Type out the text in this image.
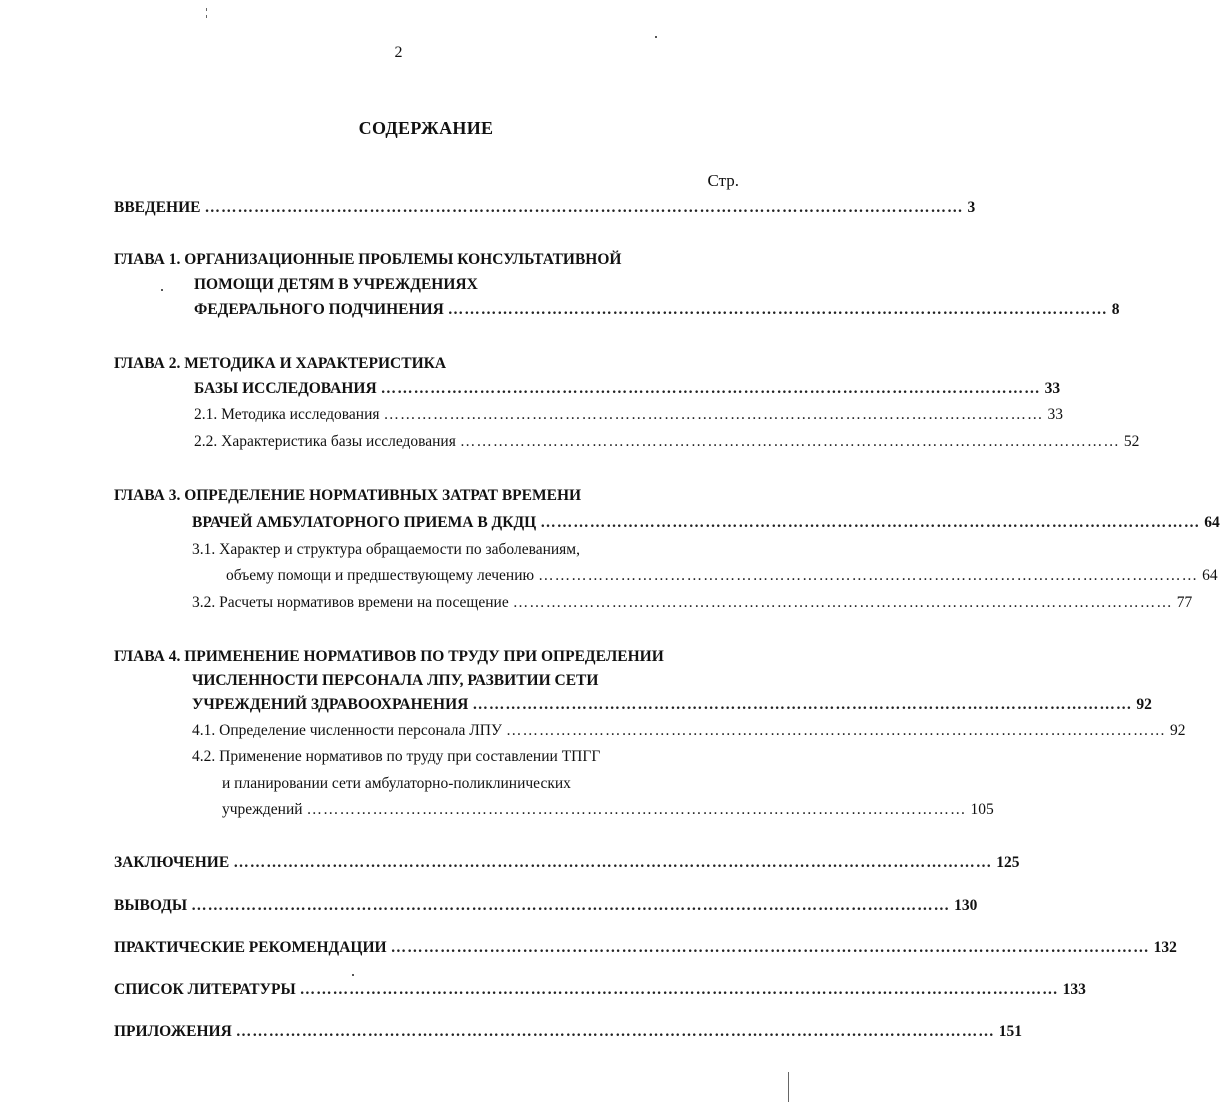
2
СОДЕРЖАНИЕ
Стр.
ВВЕДЕНИЕ ………………………………………………………………………………………………………………………… 3
ГЛАВА 1. ОРГАНИЗАЦИОННЫЕ ПРОБЛЕМЫ КОНСУЛЬТАТИВНОЙ
ПОМОЩИ ДЕТЯМ В УЧРЕЖДЕНИЯХ
ФЕДЕРАЛЬНОГО ПОДЧИНЕНИЯ ………………………………………………………………………………………………………… 8
ГЛАВА 2. МЕТОДИКА И ХАРАКТЕРИСТИКА
БАЗЫ ИССЛЕДОВАНИЯ ………………………………………………………………………………………………………… 33
2.1. Методика исследования ………………………………………………………………………………………………………… 33
2.2. Характеристика базы исследования ………………………………………………………………………………………………………… 52
ГЛАВА 3. ОПРЕДЕЛЕНИЕ НОРМАТИВНЫХ ЗАТРАТ ВРЕМЕНИ
ВРАЧЕЙ АМБУЛАТОРНОГО ПРИЕМА В ДКДЦ ………………………………………………………………………………………………………… 64
3.1. Характер и структура обращаемости по заболеваниям,
объему помощи и предшествующему лечению ………………………………………………………………………………………………………… 64
3.2. Расчеты нормативов времени на посещение ………………………………………………………………………………………………………… 77
ГЛАВА 4. ПРИМЕНЕНИЕ НОРМАТИВОВ ПО ТРУДУ ПРИ ОПРЕДЕЛЕНИИ
ЧИСЛЕННОСТИ ПЕРСОНАЛА ЛПУ, РАЗВИТИИ СЕТИ
УЧРЕЖДЕНИЙ ЗДРАВООХРАНЕНИЯ ………………………………………………………………………………………………………… 92
4.1. Определение численности персонала ЛПУ ………………………………………………………………………………………………………… 92
4.2. Применение нормативов по труду при составлении ТПГГ
и планировании сети амбулаторно-поликлинических
учреждений ………………………………………………………………………………………………………… 105
ЗАКЛЮЧЕНИЕ ………………………………………………………………………………………………………………………… 125
ВЫВОДЫ ………………………………………………………………………………………………………………………… 130
ПРАКТИЧЕСКИЕ РЕКОМЕНДАЦИИ ………………………………………………………………………………………………………………………… 132
СПИСОК ЛИТЕРАТУРЫ ………………………………………………………………………………………………………………………… 133
ПРИЛОЖЕНИЯ ………………………………………………………………………………………………………………………… 151
